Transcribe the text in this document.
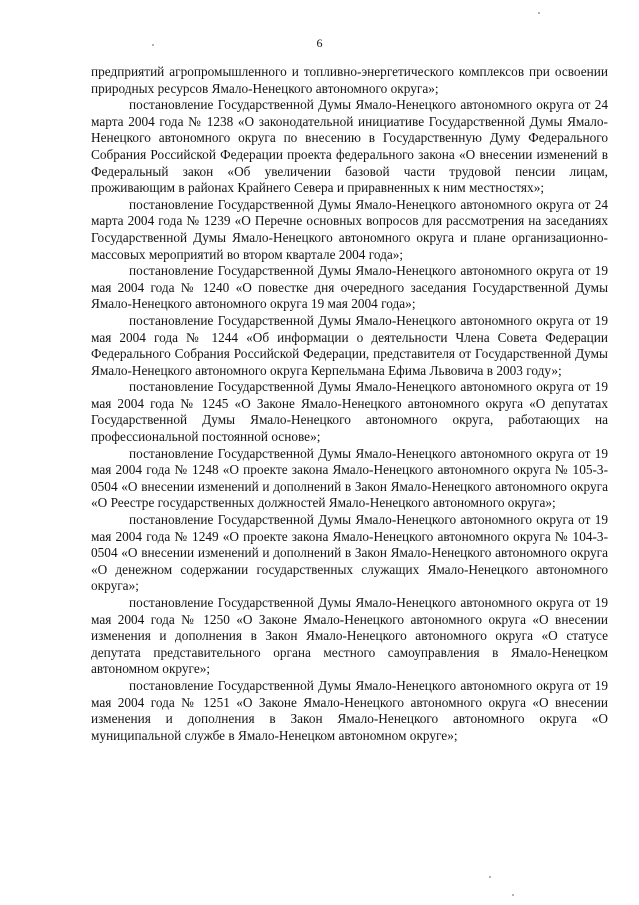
6

предприятий агропромышленного и топливно-энергетического комплексов при освоении природных ресурсов Ямало-Ненецкого автономного округа»;

постановление Государственной Думы Ямало-Ненецкого автономного округа от 24 марта 2004 года № 1238 «О законодательной инициативе Государственной Думы Ямало-Ненецкого автономного округа по внесению в Государственную Думу Федерального Собрания Российской Федерации проекта федерального закона «О внесении изменений в Федеральный закон «Об увеличении базовой части трудовой пенсии лицам, проживающим в районах Крайнего Севера и приравненных к ним местностях»;

постановление Государственной Думы Ямало-Ненецкого автономного округа от 24 марта 2004 года № 1239 «О Перечне основных вопросов для рассмотрения на заседаниях Государственной Думы Ямало-Ненецкого автономного округа и плане организационно-массовых мероприятий во втором квартале 2004 года»;

постановление Государственной Думы Ямало-Ненецкого автономного округа от 19 мая 2004 года № 1240 «О повестке дня очередного заседания Государственной Думы Ямало-Ненецкого автономного округа 19 мая 2004 года»;

постановление Государственной Думы Ямало-Ненецкого автономного округа от 19 мая 2004 года № 1244 «Об информации о деятельности Члена Совета Федерации Федерального Собрания Российской Федерации, представителя от Государственной Думы Ямало-Ненецкого автономного округа Керпельмана Ефима Львовича в 2003 году»;

постановление Государственной Думы Ямало-Ненецкого автономного округа от 19 мая 2004 года № 1245 «О Законе Ямало-Ненецкого автономного округа «О депутатах Государственной Думы Ямало-Ненецкого автономного округа, работающих на профессиональной постоянной основе»;

постановление Государственной Думы Ямало-Ненецкого автономного округа от 19 мая 2004 года № 1248 «О проекте закона Ямало-Ненецкого автономного округа № 105-3-0504 «О внесении изменений и дополнений в Закон Ямало-Ненецкого автономного округа «О Реестре государственных должностей Ямало-Ненецкого автономного округа»;

постановление Государственной Думы Ямало-Ненецкого автономного округа от 19 мая 2004 года № 1249 «О проекте закона Ямало-Ненецкого автономного округа № 104-3-0504 «О внесении изменений и дополнений в Закон Ямало-Ненецкого автономного округа «О денежном содержании государственных служащих Ямало-Ненецкого автономного округа»;

постановление Государственной Думы Ямало-Ненецкого автономного округа от 19 мая 2004 года № 1250 «О Законе Ямало-Ненецкого автономного округа «О внесении изменения и дополнения в Закон Ямало-Ненецкого автономного округа «О статусе депутата представительного органа местного самоуправления в Ямало-Ненецком автономном округе»;

постановление Государственной Думы Ямало-Ненецкого автономного округа от 19 мая 2004 года № 1251 «О Законе Ямало-Ненецкого автономного округа «О внесении изменения и дополнения в Закон Ямало-Ненецкого автономного округа «О муниципальной службе в Ямало-Ненецком автономном округе»;
